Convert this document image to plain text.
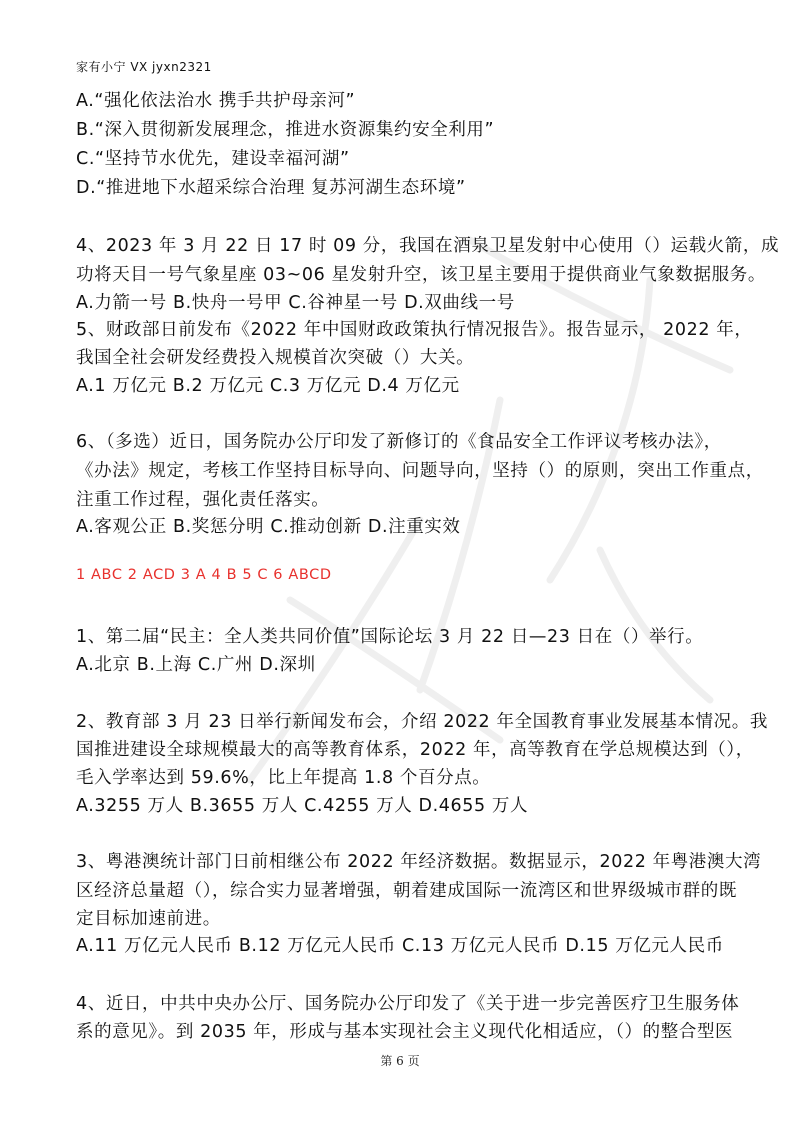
家有小宁 VX jyxn2321
A.“强化依法治水 携手共护母亲河”
B.“深入贯彻新发展理念，推进水资源集约安全利用”
C.“坚持节水优先，建设幸福河湖”
D.“推进地下水超采综合治理 复苏河湖生态环境”
4、2023 年 3 月 22 日 17 时 09 分，我国在酒泉卫星发射中心使用（）运载火箭，成
功将天目一号气象星座 03~06 星发射升空，该卫星主要用于提供商业气象数据服务。
A.力箭一号 B.快舟一号甲 C.谷神星一号 D.双曲线一号
5、财政部日前发布《2022 年中国财政政策执行情况报告》。报告显示， 2022 年，
我国全社会研发经费投入规模首次突破（）大关。
A.1 万亿元 B.2 万亿元 C.3 万亿元 D.4 万亿元
6、（多选）近日，国务院办公厅印发了新修订的《食品安全工作评议考核办法》，
《办法》规定，考核工作坚持目标导向、问题导向，坚持（）的原则，突出工作重点，
注重工作过程，强化责任落实。
A.客观公正 B.奖惩分明 C.推动创新 D.注重实效
1 ABC 2 ACD 3 A 4 B 5 C 6 ABCD
1、第二届“民主：全人类共同价值”国际论坛 3 月 22 日—23 日在（）举行。
A.北京 B.上海 C.广州 D.深圳
2、教育部 3 月 23 日举行新闻发布会，介绍 2022 年全国教育事业发展基本情况。我
国推进建设全球规模最大的高等教育体系，2022 年，高等教育在学总规模达到（），
毛入学率达到 59.6%，比上年提高 1.8 个百分点。
A.3255 万人 B.3655 万人 C.4255 万人 D.4655 万人
3、粤港澳统计部门日前相继公布 2022 年经济数据。数据显示，2022 年粤港澳大湾
区经济总量超（），综合实力显著增强，朝着建成国际一流湾区和世界级城市群的既
定目标加速前进。
A.11 万亿元人民币 B.12 万亿元人民币 C.13 万亿元人民币 D.15 万亿元人民币
4、近日，中共中央办公厅、国务院办公厅印发了《关于进一步完善医疗卫生服务体
系的意见》。到 2035 年，形成与基本实现社会主义现代化相适应，（）的整合型医
第 6 页
